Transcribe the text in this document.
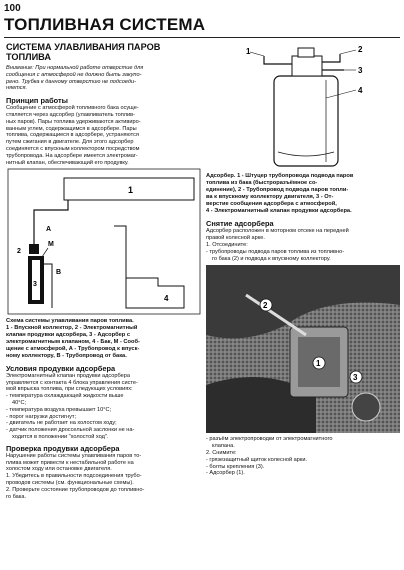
100
ТОПЛИВНАЯ СИСТЕМА
СИСТЕМА УЛАВЛИВАНИЯ ПАРОВ
ТОПЛИВА
Внимание: При нормальной работе отверстие для
сообщения с атмосферой не должно быть закупо-
рено. Трубка к данному отверстию не подсоеди-
няется.
Принцип работы
Сообщение с атмосферой топливного бака осуще-
ствляется через адсорбер (улавливатель топлив-
ных паров). Пары топлива удерживаются активиро-
ванным углем, содержащимся в адсорбере. Пары
топлива, содержащиеся в адсорбере, устраняются
путем сжигания в двигателе. Для этого адсорбер
соединяется с впускным коллектором посредством
трубопровода. На адсорбере имеется электромаг-
нитный клапан, обеспечивающий его продувку.
1
2
A
M
3
B
4
Схема системы улавливания паров топлива.
1 - Впускной коллектор, 2 - Электромагнитный
клапан продувки адсорбера, 3 - Адсорбер с
электромагнитным клапаном, 4 - Бак, М - Сооб-
щение с атмосферой, А - Трубопровод к впуск-
ному коллектору, В - Трубопровод от бака.
Условия продувки адсорбера
Электромагнитный клапан продувки адсорбера
управляется с контакта 4 блока управления систе-
мой впрыска топлива, при следующих условиях:
- температура охлаждающей жидкости выше
40°C;
- температура воздуха превышает 10°C;
- порог нагрузки достигнут;
- двигатель не работает на холостом ходу;
- датчик положения дроссельной заслонки не на-
ходится в положении "холостой ход".
Проверка продувки адсорбера
Нарушение работы системы улавливания паров то-
плива может привести к нестабильной работе на
холостом ходу или остановке двигателя.
1. Убедитесь в правильности подсоединения трубо-
проводов системы (см. функциональные схемы).
2. Проверьте состояние трубопроводов до топливно-
го бака.
1	2
3
4
Адсорбер. 1 - Штуцер трубопровода подвода паров
топлива из бака (быстроразъёмное со-
единение), 2 - Трубопровод подвода паров топли-
ва к впускному коллектору двигателя, 3 - От-
верстие сообщения адсорбера с атмосферой,
4 - Электромагнитный клапан продувки адсорбера.
Снятие адсорбера
Адсорбер расположен в моторном отсеке на передней
правой колесной арке.
1. Отсоедините:
- трубопроводы подвода паров топлива из топливно-
го бака (2) и подвода к впускному коллектору.
1
2
3
- разъём электропроводки от электромагнитного
клапана.
2. Снимите:
- грязезащитный щиток колесной арки.
- болты крепления (3).
- Адсорбер (1).
